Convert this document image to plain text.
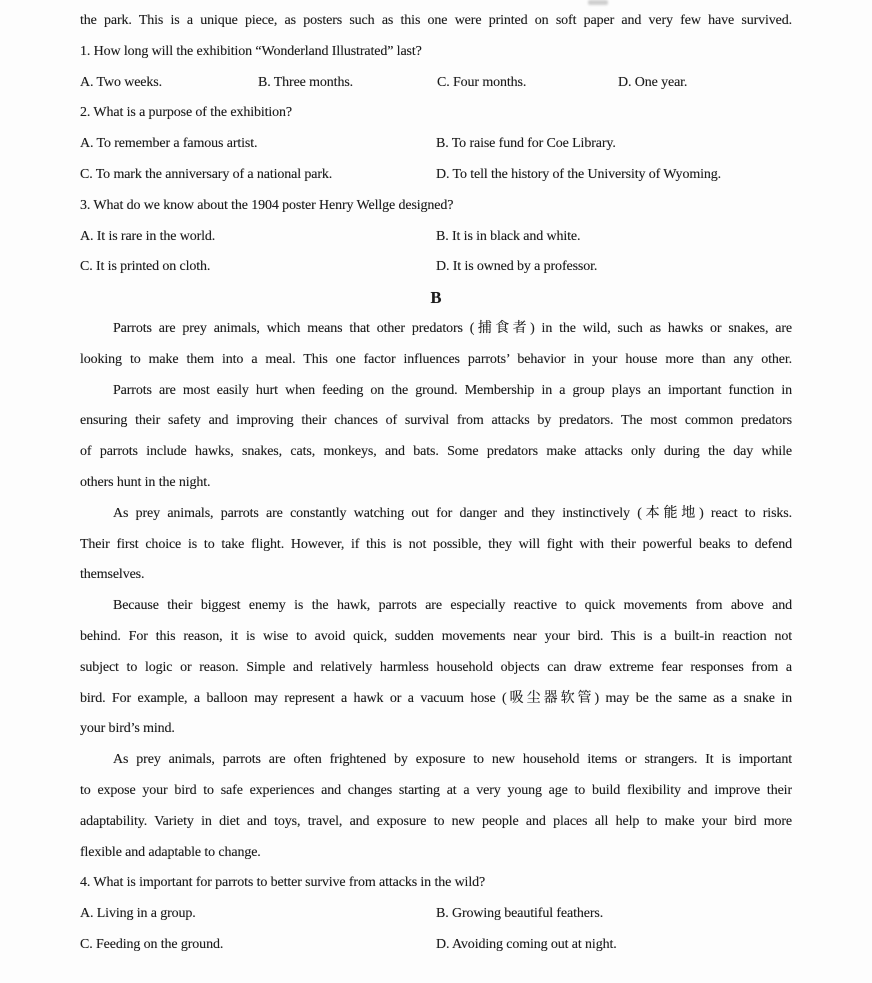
the park. This is a unique piece, as posters such as this one were printed on soft paper and very few have survived.
1. How long will the exhibition “Wonderland Illustrated” last?
A. Two weeks.	B. Three months.	C. Four months.	D. One year.
2. What is a purpose of the exhibition?
A. To remember a famous artist.	B. To raise fund for Coe Library.
C. To mark the anniversary of a national park.	D. To tell the history of the University of Wyoming.
3. What do we know about the 1904 poster Henry Wellge designed?
A. It is rare in the world.	B. It is in black and white.
C. It is printed on cloth.	D. It is owned by a professor.
B
Parrots are prey animals, which means that other predators (捕食者) in the wild, such as hawks or snakes, are
looking to make them into a meal. This one factor influences parrots’ behavior in your house more than any other.
Parrots are most easily hurt when feeding on the ground. Membership in a group plays an important function in
ensuring their safety and improving their chances of survival from attacks by predators. The most common predators
of parrots include hawks, snakes, cats, monkeys, and bats. Some predators make attacks only during the day while
others hunt in the night.
As prey animals, parrots are constantly watching out for danger and they instinctively (本能地) react to risks.
Their first choice is to take flight. However, if this is not possible, they will fight with their powerful beaks to defend
themselves.
Because their biggest enemy is the hawk, parrots are especially reactive to quick movements from above and
behind. For this reason, it is wise to avoid quick, sudden movements near your bird. This is a built-in reaction not
subject to logic or reason. Simple and relatively harmless household objects can draw extreme fear responses from a
bird. For example, a balloon may represent a hawk or a vacuum hose (吸尘器软管) may be the same as a snake in
your bird’s mind.
As prey animals, parrots are often frightened by exposure to new household items or strangers. It is important
to expose your bird to safe experiences and changes starting at a very young age to build flexibility and improve their
adaptability. Variety in diet and toys, travel, and exposure to new people and places all help to make your bird more
flexible and adaptable to change.
4. What is important for parrots to better survive from attacks in the wild?
A. Living in a group.	B. Growing beautiful feathers.
C. Feeding on the ground.	D. Avoiding coming out at night.
